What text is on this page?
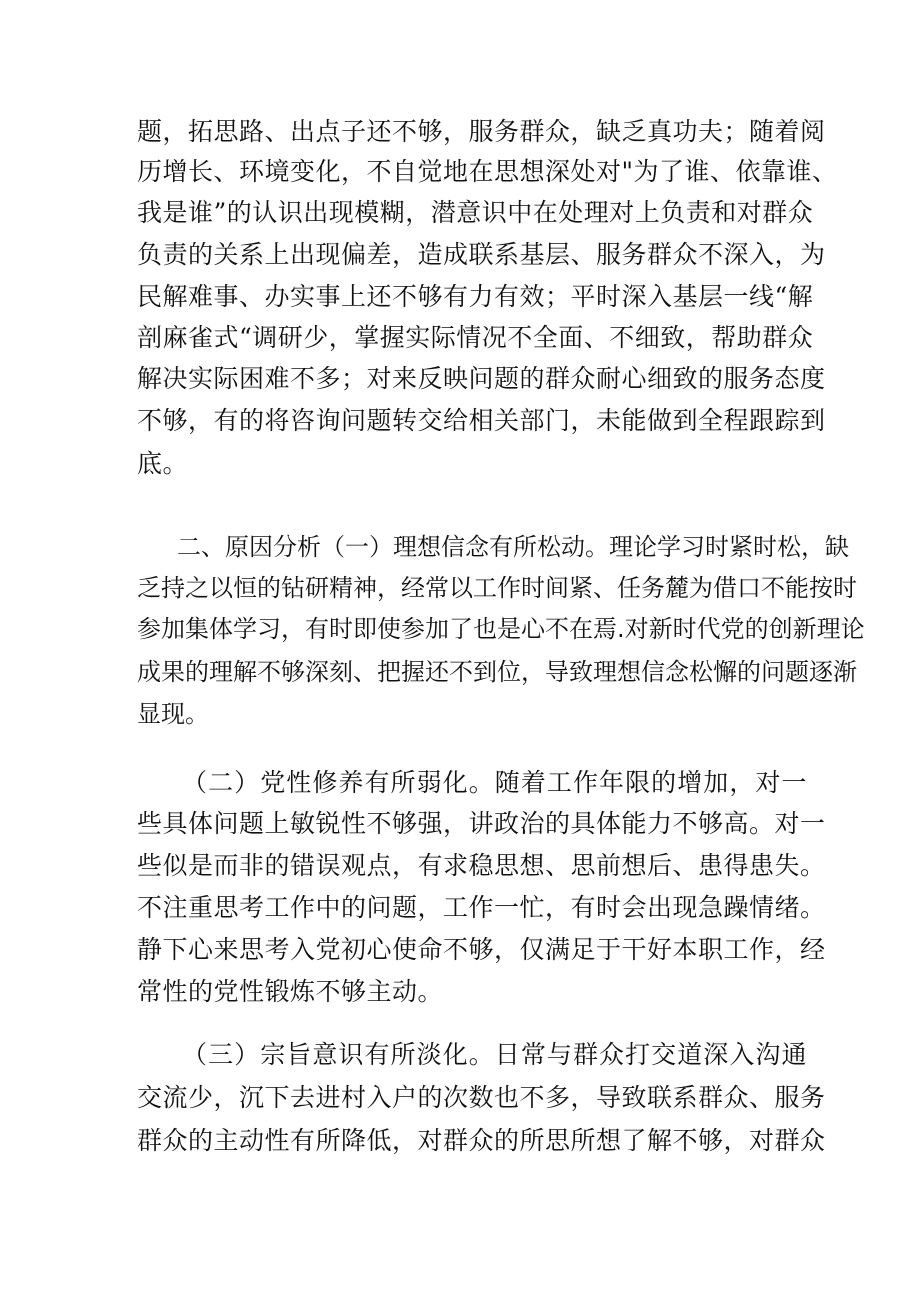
题，拓思路、出点子还不够，服务群众，缺乏真功夫；随着阅
历增长、环境变化，不自觉地在思想深处对"为了谁、依靠谁、
我是谁”的认识出现模糊，潜意识中在处理对上负责和对群众
负责的关系上出现偏差，造成联系基层、服务群众不深入，为
民解难事、办实事上还不够有力有效；平时深入基层一线“解
剖麻雀式“调研少，掌握实际情况不全面、不细致，帮助群众
解决实际困难不多；对来反映问题的群众耐心细致的服务态度
不够，有的将咨询问题转交给相关部门，未能做到全程跟踪到
底。
二、原因分析（一）理想信念有所松动。理论学习时紧时松，缺
乏持之以恒的钻研精神，经常以工作时间紧、任务麓为借口不能按时
参加集体学习，有时即使参加了也是心不在焉.对新时代党的创新理论
成果的理解不够深刻、把握还不到位，导致理想信念松懈的问题逐渐
显现。
（二）党性修养有所弱化。随着工作年限的增加，对一
些具体问题上敏锐性不够强，讲政治的具体能力不够高。对一
些似是而非的错误观点，有求稳思想、思前想后、患得患失。
不注重思考工作中的问题，工作一忙，有时会出现急躁情绪。
静下心来思考入党初心使命不够，仅满足于干好本职工作，经
常性的党性锻炼不够主动。
（三）宗旨意识有所淡化。日常与群众打交道深入沟通
交流少，沉下去进村入户的次数也不多，导致联系群众、服务
群众的主动性有所降低，对群众的所思所想了解不够，对群众
